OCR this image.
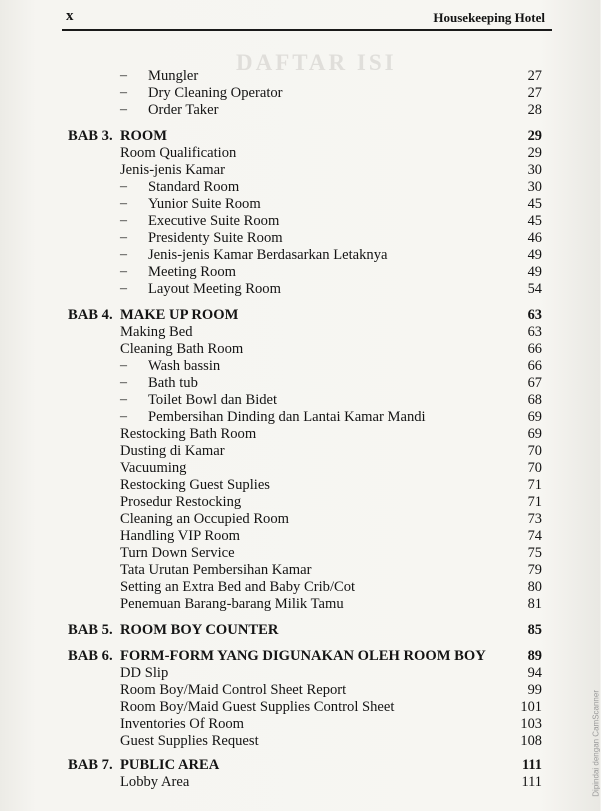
x	Housekeeping Hotel
DAFTAR ISI
– Mungler	27
– Dry Cleaning Operator	27
– Order Taker	28
BAB 3. ROOM	29
Room Qualification	29
Jenis-jenis Kamar	30
– Standard Room	30
– Yunior Suite Room	45
– Executive Suite Room	45
– Presidenty Suite Room	46
– Jenis-jenis Kamar Berdasarkan Letaknya	49
– Meeting Room	49
– Layout Meeting Room	54
BAB 4. MAKE UP ROOM	63
Making Bed	63
Cleaning Bath Room	66
– Wash bassin	66
– Bath tub	67
– Toilet Bowl dan Bidet	68
– Pembersihan Dinding dan Lantai Kamar Mandi	69
Restocking Bath Room	69
Dusting di Kamar	70
Vacuuming	70
Restocking Guest Suplies	71
Prosedur Restocking	71
Cleaning an Occupied Room	73
Handling VIP Room	74
Turn Down Service	75
Tata Urutan Pembersihan Kamar	79
Setting an Extra Bed and Baby Crib/Cot	80
Penemuan Barang-barang Milik Tamu	81
BAB 5. ROOM BOY COUNTER	85
BAB 6. FORM-FORM YANG DIGUNAKAN OLEH ROOM BOY	89
DD Slip	94
Room Boy/Maid Control Sheet Report	99
Room Boy/Maid Guest Supplies Control Sheet	101
Inventories Of Room	103
Guest Supplies Request	108
BAB 7. PUBLIC AREA	111
Lobby Area	111	Dipindai dengan CamScanner
